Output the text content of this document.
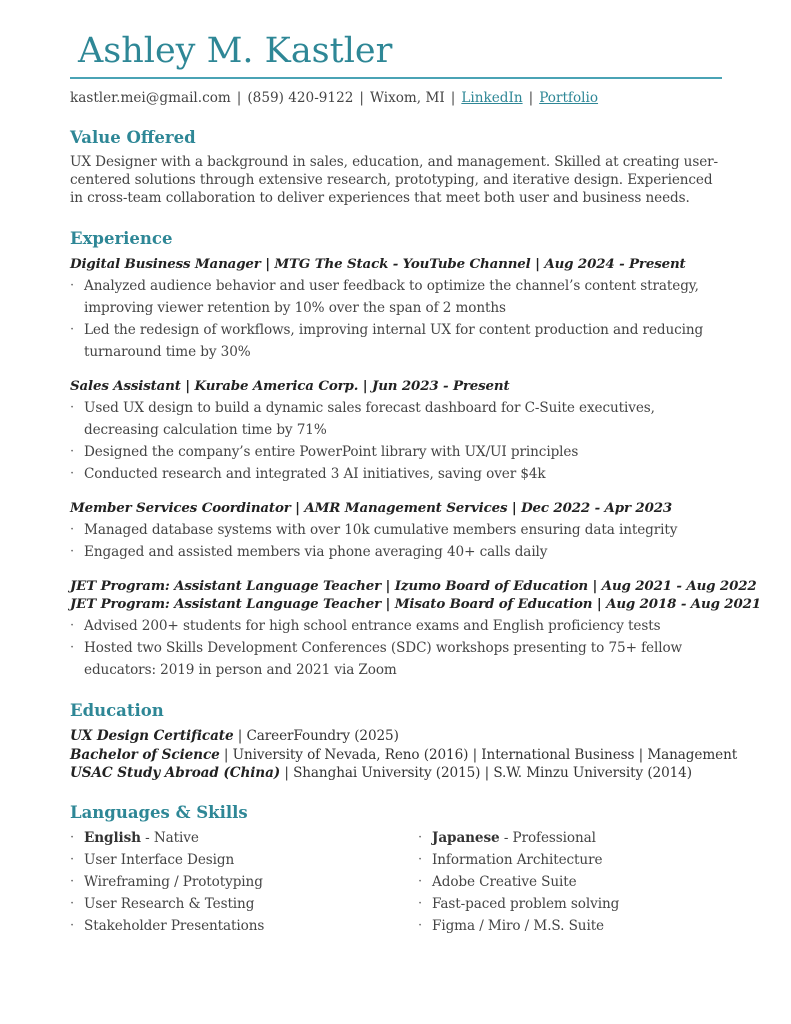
Ashley M. Kastler
kastler.mei@gmail.com | (859) 420-9122 | Wixom, MI | LinkedIn | Portfolio
Value Offered
UX Designer with a background in sales, education, and management. Skilled at creating user-centered solutions through extensive research, prototyping, and iterative design. Experienced in cross-team collaboration to deliver experiences that meet both user and business needs.
Experience
Digital Business Manager | MTG The Stack - YouTube Channel | Aug 2024 - Present
· Analyzed audience behavior and user feedback to optimize the channel’s content strategy, improving viewer retention by 10% over the span of 2 months
· Led the redesign of workflows, improving internal UX for content production and reducing turnaround time by 30%
Sales Assistant | Kurabe America Corp. | Jun 2023 - Present
· Used UX design to build a dynamic sales forecast dashboard for C-Suite executives, decreasing calculation time by 71%
· Designed the company’s entire PowerPoint library with UX/UI principles
· Conducted research and integrated 3 AI initiatives, saving over $4k
Member Services Coordinator | AMR Management Services | Dec 2022 - Apr 2023
· Managed database systems with over 10k cumulative members ensuring data integrity
· Engaged and assisted members via phone averaging 40+ calls daily
JET Program: Assistant Language Teacher | Izumo Board of Education | Aug 2021 - Aug 2022
JET Program: Assistant Language Teacher | Misato Board of Education | Aug 2018 - Aug 2021
· Advised 200+ students for high school entrance exams and English proficiency tests
· Hosted two Skills Development Conferences (SDC) workshops presenting to 75+ fellow educators: 2019 in person and 2021 via Zoom
Education
UX Design Certificate | CareerFoundry (2025)
Bachelor of Science | University of Nevada, Reno (2016) | International Business | Management
USAC Study Abroad (China) | Shanghai University (2015) | S.W. Minzu University (2014)
Languages & Skills
· English - Native
· User Interface Design
· Wireframing / Prototyping
· User Research & Testing
· Stakeholder Presentations
· Japanese - Professional
· Information Architecture
· Adobe Creative Suite
· Fast-paced problem solving
· Figma / Miro / M.S. Suite
